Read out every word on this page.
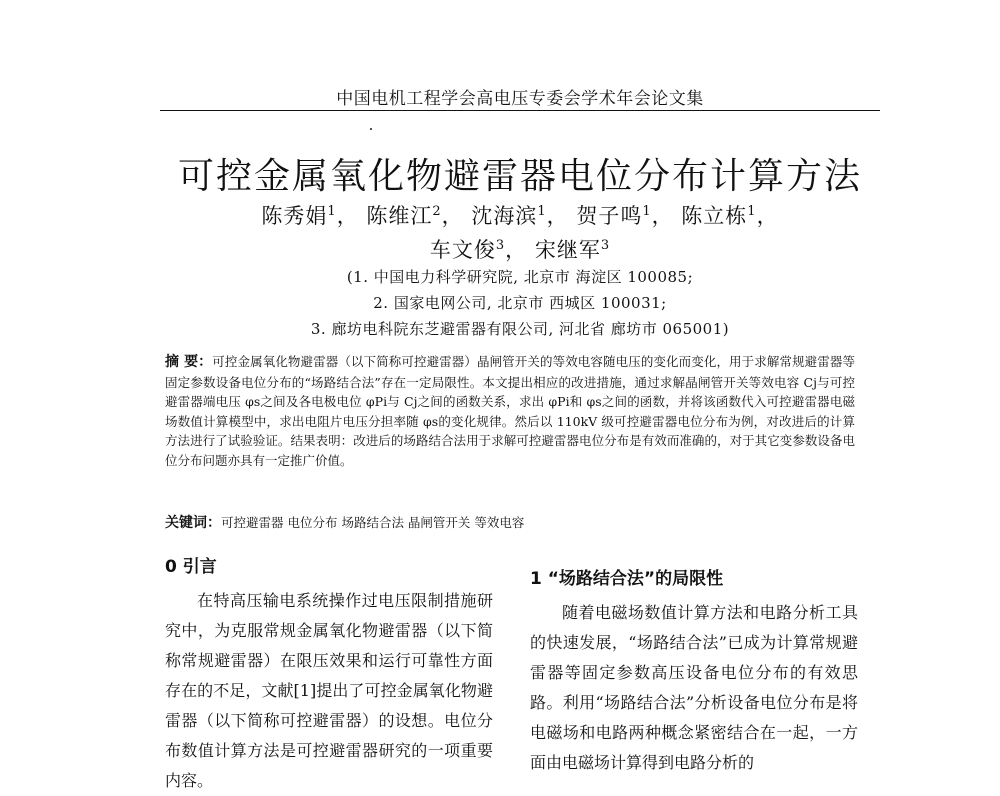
中国电机工程学会高电压专委会学术年会论文集
可控金属氧化物避雷器电位分布计算方法
陈秀娟$^1$， 陈维江$^2$， 沈海滨$^1$， 贺子鸣$^1$， 陈立栋$^1$，
车文俊$^3$， 宋继军$^3$
(1. 中国电力科学研究院, 北京市 海淀区 100085;
2. 国家电网公司, 北京市 西城区 100031;
3. 廊坊电科院东芝避雷器有限公司, 河北省 廊坊市 065001)
摘 要：可控金属氧化物避雷器（以下简称可控避雷器）晶闸管开关的等效电容随电压的变化而变化，用于求解常规避雷器等固定参数设备电位分布的“场路结合法”存在一定局限性。本文提出相应的改进措施，通过求解晶闸管开关等效电容 Cj与可控避雷器端电压 φs之间及各电极电位 φPi与 Cj之间的函数关系，求出 φPi和 φs之间的函数，并将该函数代入可控避雷器电磁场数值计算模型中，求出电阻片电压分担率随 φs的变化规律。然后以 110kV 级可控避雷器电位分布为例，对改进后的计算方法进行了试验验证。结果表明：改进后的场路结合法用于求解可控避雷器电位分布是有效而准确的，对于其它变参数设备电位分布问题亦具有一定推广价值。
关键词：可控避雷器 电位分布 场路结合法 晶闸管开关 等效电容
0 引言

在特高压输电系统操作过电压限制措施研究中，为克服常规金属氧化物避雷器（以下简称常规避雷器）在限压效果和运行可靠性方面存在的不足，文献[1]提出了可控金属氧化物避雷器（以下简称可控避雷器）的设想。电位分布数值计算方法是可控避雷器研究的一项重要内容。

1 “场路结合法”的局限性

随着电磁场数值计算方法和电路分析工具的快速发展，“场路结合法”已成为计算常规避雷器等固定参数高压设备电位分布的有效思路。利用“场路结合法”分析设备电位分布是将电磁场和电路两种概念紧密结合在一起，一方面由电磁场计算得到电路分析的
